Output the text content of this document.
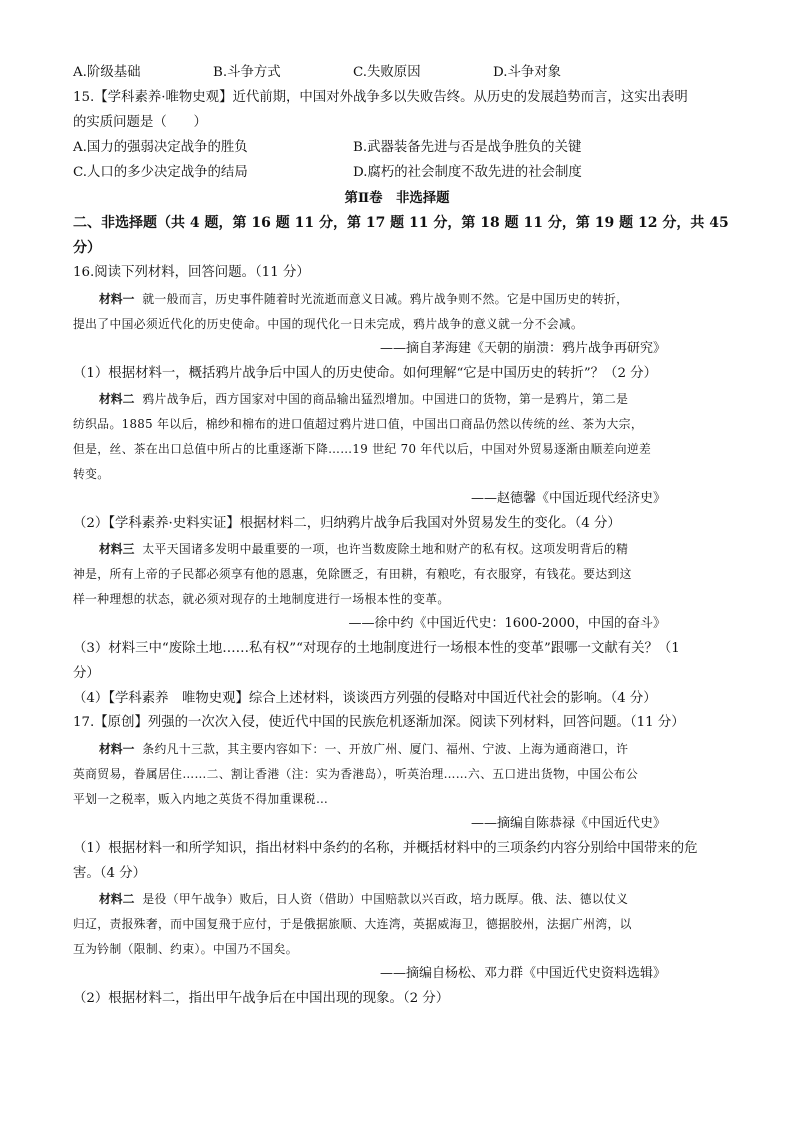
A.阶级基础	B.斗争方式	C.失败原因	D.斗争对象
15.【学科素养·唯物史观】近代前期，中国对外战争多以失败告终。从历史的发展趋势而言，这实出表明
的实质问题是（　　）
A.国力的强弱决定战争的胜负	B.武器装备先进与否是战争胜负的关键
C.人口的多少决定战争的结局	D.腐朽的社会制度不敌先进的社会制度
第Ⅱ卷　非选择题
二、非选择题（共 4 题，第 16 题 11 分，第 17 题 11 分，第 18 题 11 分，第 19 题 12 分，共 45
分）
16.阅读下列材料，回答问题。（11 分）
材料一 就一般而言，历史事件随着时光流逝而意义日减。鸦片战争则不然。它是中国历史的转折，
提出了中国必须近代化的历史使命。中国的现代化一日未完成，鸦片战争的意义就一分不会减。
——摘自茅海建《天朝的崩溃：鸦片战争再研究》
（1）根据材料一，概括鸦片战争后中国人的历史使命。如何理解“它是中国历史的转折”？（2 分）
材料二 鸦片战争后，西方国家对中国的商品输出猛烈增加。中国进口的货物，第一是鸦片，第二是
纺织品。1885 年以后，棉纱和棉布的进口值超过鸦片进口值，中国出口商品仍然以传统的丝、茶为大宗，
但是，丝、茶在出口总值中所占的比重逐渐下降……19 世纪 70 年代以后，中国对外贸易逐渐由顺差向逆差
转变。
——赵德馨《中国近现代经济史》
（2）【学科素养·史料实证】根据材料二，归纳鸦片战争后我国对外贸易发生的变化。（4 分）
材料三 太平天国诸多发明中最重要的一项，也许当数废除土地和财产的私有权。这项发明背后的精
神是，所有上帝的子民都必须享有他的恩惠，免除匮乏，有田耕，有粮吃，有衣服穿，有钱花。要达到这
样一种理想的状态，就必须对现存的土地制度进行一场根本性的变革。
——徐中约《中国近代史：1600-2000，中国的奋斗》
（3）材料三中“废除土地……私有权”“对现存的土地制度进行一场根本性的变革”跟哪一文献有关？（1
分）
（4）【学科素养　唯物史观】综合上述材料，谈谈西方列强的侵略对中国近代社会的影响。（4 分）
17.【原创】列强的一次次入侵，使近代中国的民族危机逐渐加深。阅读下列材料，回答问题。（11 分）
材料一 条约凡十三款，其主要内容如下：一、开放广州、厦门、福州、宁波、上海为通商港口，许
英商贸易，眷属居住……二、割让香港（注：实为香港岛），听英治理……六、五口进出货物，中国公布公
平划一之税率，贩入内地之英货不得加重课税…
——摘编自陈恭禄《中国近代史》
（1）根据材料一和所学知识，指出材料中条约的名称，并概括材料中的三项条约内容分别给中国带来的危
害。（4 分）
材料二 是役（甲午战争）败后，日人资（借助）中国赔款以兴百政，培力既厚。俄、法、德以仗义
归辽，责报殊奢，而中国复飛于应付，于是俄据旅顺、大连湾，英据威海卫，德据胶州，法据广州湾，以
互为钤制（限制、约束）。中国乃不国矣。
——摘编自杨松、邓力群《中国近代史资料选辑》
（2）根据材料二，指出甲午战争后在中国出现的现象。（2 分）
